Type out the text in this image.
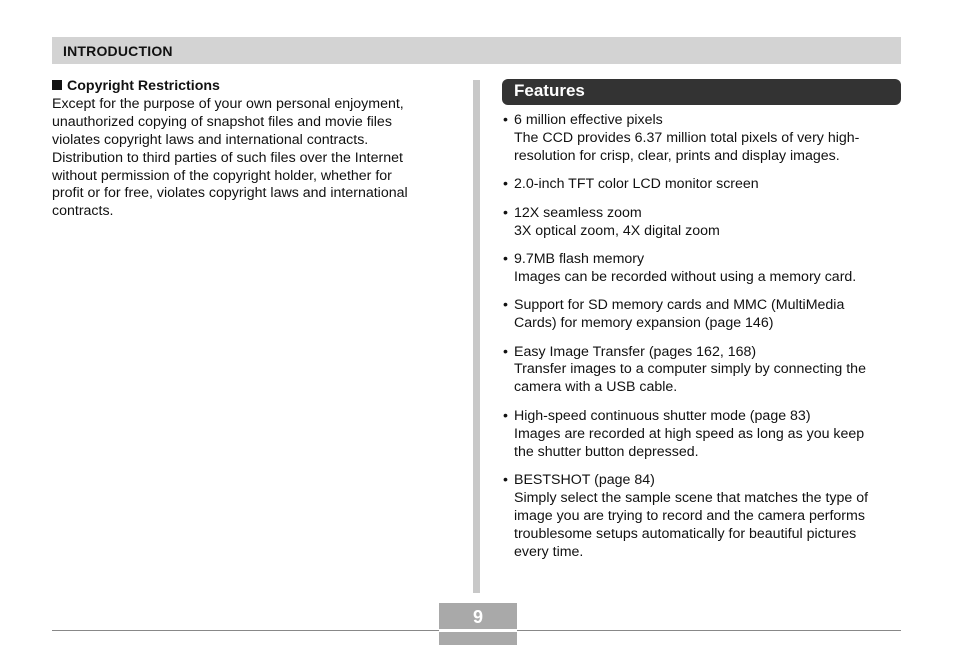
INTRODUCTION
Copyright Restrictions
Except for the purpose of your own personal enjoyment,
unauthorized copying of snapshot files and movie files
violates copyright laws and international contracts.
Distribution to third parties of such files over the Internet
without permission of the copyright holder, whether for
profit or for free, violates copyright laws and international
contracts.
Features
• 6 million effective pixels
The CCD provides 6.37 million total pixels of very high-
resolution for crisp, clear, prints and display images.
• 2.0-inch TFT color LCD monitor screen
• 12X seamless zoom
3X optical zoom, 4X digital zoom
• 9.7MB flash memory
Images can be recorded without using a memory card.
• Support for SD memory cards and MMC (MultiMedia
Cards) for memory expansion (page 146)
• Easy Image Transfer (pages 162, 168)
Transfer images to a computer simply by connecting the
camera with a USB cable.
• High-speed continuous shutter mode (page 83)
Images are recorded at high speed as long as you keep
the shutter button depressed.
• BESTSHOT (page 84)
Simply select the sample scene that matches the type of
image you are trying to record and the camera performs
troublesome setups automatically for beautiful pictures
every time.
9
